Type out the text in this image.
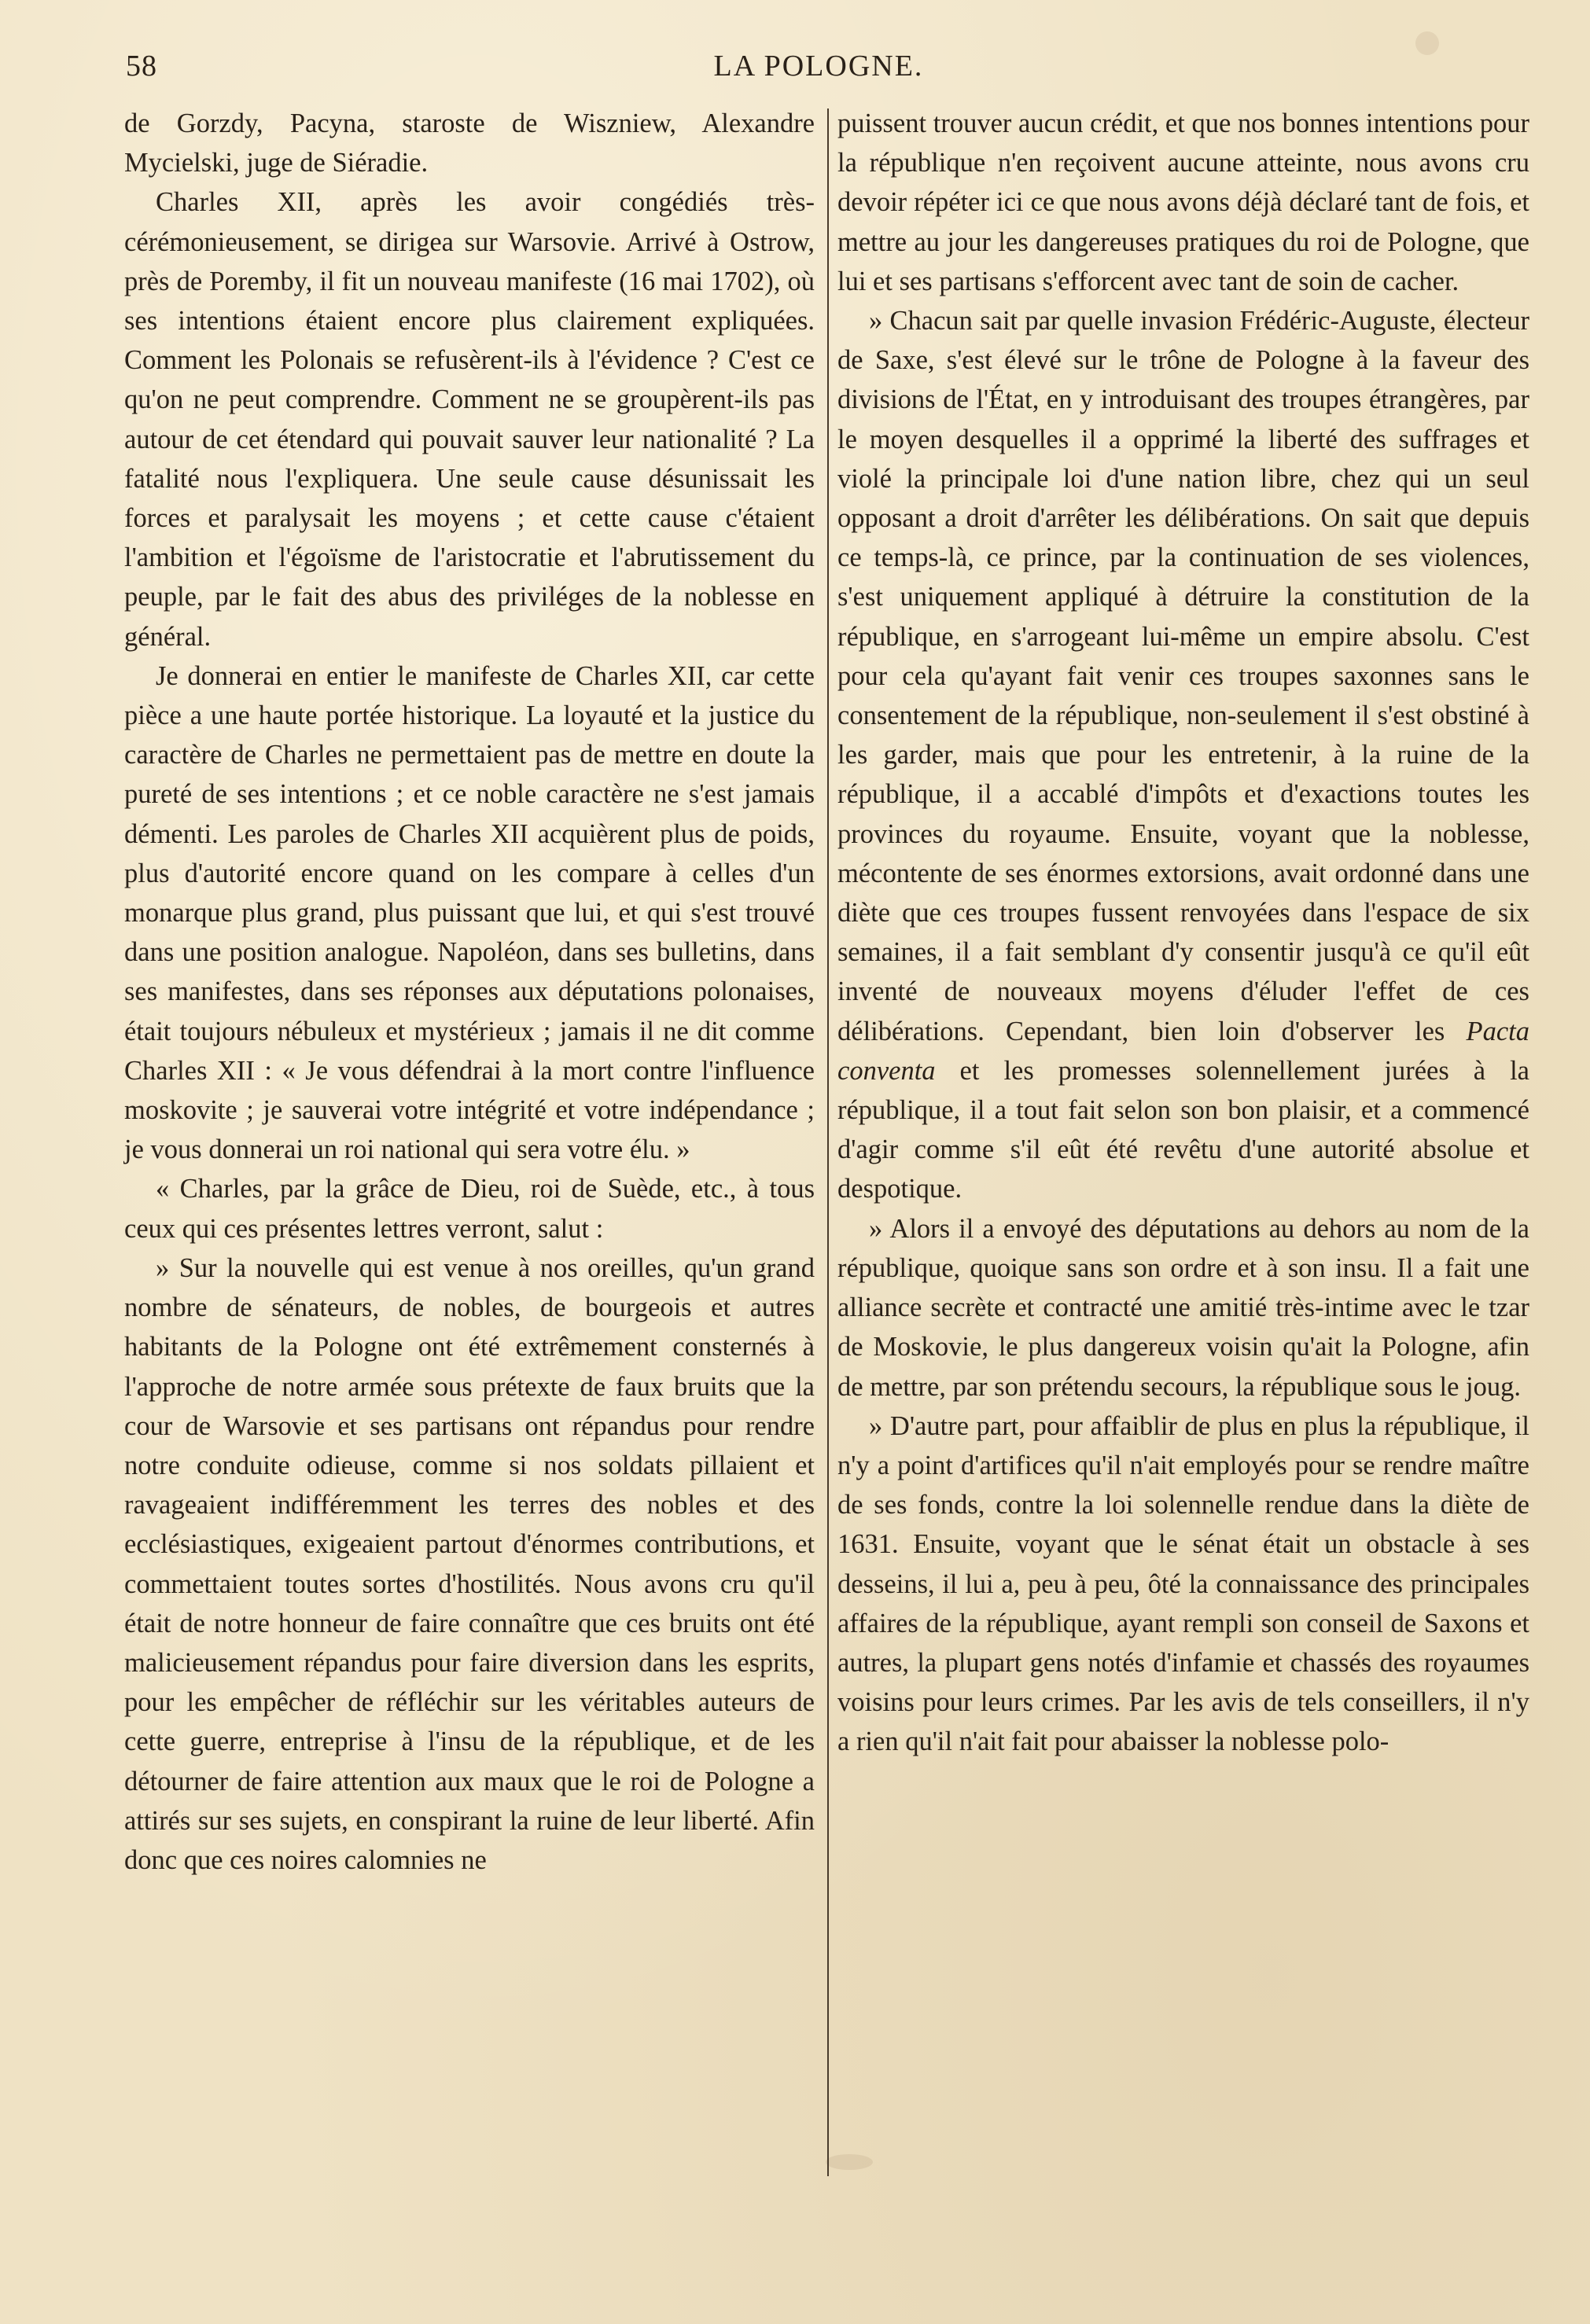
58	LA POLOGNE.

de Gorzdy, Pacyna, staroste de Wiszniew, Alexandre Mycielski, juge de Siéradie.

Charles XII, après les avoir congédiés très-cérémonieusement, se dirigea sur Warsovie. Arrivé à Ostrow, près de Poremby, il fit un nouveau manifeste (16 mai 1702), où ses intentions étaient encore plus clairement expliquées. Comment les Polonais se refusèrent-ils à l'évidence ? C'est ce qu'on ne peut comprendre. Comment ne se groupèrent-ils pas autour de cet étendard qui pouvait sauver leur nationalité ? La fatalité nous l'expliquera. Une seule cause désunissait les forces et paralysait les moyens ; et cette cause c'étaient l'ambition et l'égoïsme de l'aristocratie et l'abrutissement du peuple, par le fait des abus des priviléges de la noblesse en général.

Je donnerai en entier le manifeste de Charles XII, car cette pièce a une haute portée historique. La loyauté et la justice du caractère de Charles ne permettaient pas de mettre en doute la pureté de ses intentions ; et ce noble caractère ne s'est jamais démenti. Les paroles de Charles XII acquièrent plus de poids, plus d'autorité encore quand on les compare à celles d'un monarque plus grand, plus puissant que lui, et qui s'est trouvé dans une position analogue. Napoléon, dans ses bulletins, dans ses manifestes, dans ses réponses aux députations polonaises, était toujours nébuleux et mystérieux ; jamais il ne dit comme Charles XII : « Je vous défendrai à la mort contre l'influence moskovite ; je sauverai votre intégrité et votre indépendance ; je vous donnerai un roi national qui sera votre élu. »

« Charles, par la grâce de Dieu, roi de Suède, etc., à tous ceux qui ces présentes lettres verront, salut :

» Sur la nouvelle qui est venue à nos oreilles, qu'un grand nombre de sénateurs, de nobles, de bourgeois et autres habitants de la Pologne ont été extrêmement consternés à l'approche de notre armée sous prétexte de faux bruits que la cour de Warsovie et ses partisans ont répandus pour rendre notre conduite odieuse, comme si nos soldats pillaient et ravageaient indifféremment les terres des nobles et des ecclésiastiques, exigeaient partout d'énormes contributions, et commettaient toutes sortes d'hostilités. Nous avons cru qu'il était de notre honneur de faire connaître que ces bruits ont été malicieusement répandus pour faire diversion dans les esprits, pour les empêcher de réfléchir sur les véritables auteurs de cette guerre, entreprise à l'insu de la république, et de les détourner de faire attention aux maux que le roi de Pologne a attirés sur ses sujets, en conspirant la ruine de leur liberté. Afin donc que ces noires calomnies ne

puissent trouver aucun crédit, et que nos bonnes intentions pour la république n'en reçoivent aucune atteinte, nous avons cru devoir répéter ici ce que nous avons déjà déclaré tant de fois, et mettre au jour les dangereuses pratiques du roi de Pologne, que lui et ses partisans s'efforcent avec tant de soin de cacher.

» Chacun sait par quelle invasion Frédéric-Auguste, électeur de Saxe, s'est élevé sur le trône de Pologne à la faveur des divisions de l'État, en y introduisant des troupes étrangères, par le moyen desquelles il a opprimé la liberté des suffrages et violé la principale loi d'une nation libre, chez qui un seul opposant a droit d'arrêter les délibérations. On sait que depuis ce temps-là, ce prince, par la continuation de ses violences, s'est uniquement appliqué à détruire la constitution de la république, en s'arrogeant lui-même un empire absolu. C'est pour cela qu'ayant fait venir ces troupes saxonnes sans le consentement de la république, non-seulement il s'est obstiné à les garder, mais que pour les entretenir, à la ruine de la république, il a accablé d'impôts et d'exactions toutes les provinces du royaume. Ensuite, voyant que la noblesse, mécontente de ses énormes extorsions, avait ordonné dans une diète que ces troupes fussent renvoyées dans l'espace de six semaines, il a fait semblant d'y consentir jusqu'à ce qu'il eût inventé de nouveaux moyens d'éluder l'effet de ces délibérations. Cependant, bien loin d'observer les Pacta conventa et les promesses solennellement jurées à la république, il a tout fait selon son bon plaisir, et a commencé d'agir comme s'il eût été revêtu d'une autorité absolue et despotique.

» Alors il a envoyé des députations au dehors au nom de la république, quoique sans son ordre et à son insu. Il a fait une alliance secrète et contracté une amitié très-intime avec le tzar de Moskovie, le plus dangereux voisin qu'ait la Pologne, afin de mettre, par son prétendu secours, la république sous le joug.

» D'autre part, pour affaiblir de plus en plus la république, il n'y a point d'artifices qu'il n'ait employés pour se rendre maître de ses fonds, contre la loi solennelle rendue dans la diète de 1631. Ensuite, voyant que le sénat était un obstacle à ses desseins, il lui a, peu à peu, ôté la connaissance des principales affaires de la république, ayant rempli son conseil de Saxons et autres, la plupart gens notés d'infamie et chassés des royaumes voisins pour leurs crimes. Par les avis de tels conseillers, il n'y a rien qu'il n'ait fait pour abaisser la noblesse polo-
